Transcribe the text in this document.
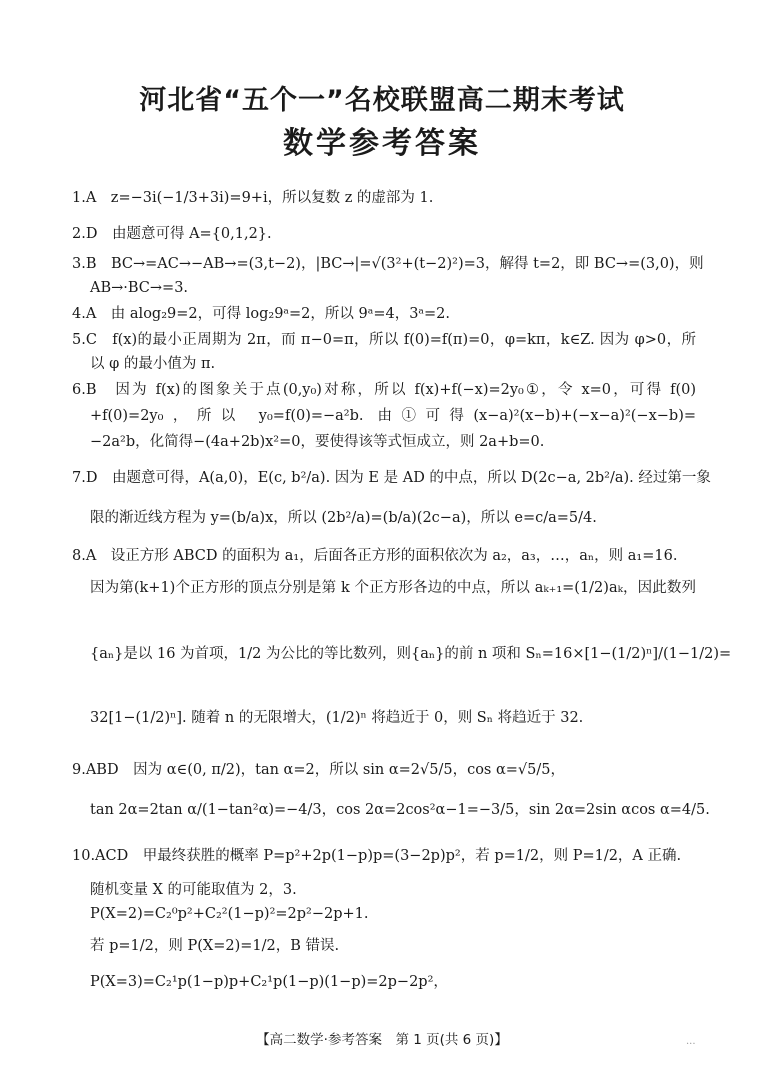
河北省“五个一”名校联盟高二期末考试
数学参考答案
1.A　z=−3i(−1/3+3i)=9+i，所以复数 z 的虚部为 1.
2.D　由题意可得 A={0,1,2}.
3.B　BC→=AC→−AB→=(3,t−2)，|BC→|=√(3²+(t−2)²)=3，解得 t=2，即 BC→=(3,0)，则
AB→·BC→=3.
4.A　由 alog₂9=2，可得 log₂9ᵃ=2，所以 9ᵃ=4，3ᵃ=2.
5.C　f(x)的最小正周期为 2π，而 π−0=π，所以 f(0)=f(π)=0，φ=kπ，k∈Z. 因为 φ>0，所
以 φ 的最小值为 π.
6.B　因为 f(x)的图象关于点(0,y₀)对称，所以 f(x)+f(−x)=2y₀①，令 x=0，可得 f(0)
+f(0)=2y₀，所以 y₀=f(0)=−a²b. 由①可得(x−a)²(x−b)+(−x−a)²(−x−b)=
−2a²b，化简得−(4a+2b)x²=0，要使得该等式恒成立，则 2a+b=0.
7.D　由题意可得，A(a,0)，E(c, b²/a). 因为 E 是 AD 的中点，所以 D(2c−a, 2b²/a). 经过第一象
限的渐近线方程为 y=(b/a)x，所以 (2b²/a)=(b/a)(2c−a)，所以 e=c/a=5/4.
8.A　设正方形 ABCD 的面积为 a₁，后面各正方形的面积依次为 a₂，a₃，…，aₙ，则 a₁=16.
因为第(k+1)个正方形的顶点分别是第 k 个正方形各边的中点，所以 aₖ₊₁=(1/2)aₖ，因此数列
{aₙ}是以 16 为首项，1/2 为公比的等比数列，则{aₙ}的前 n 项和 Sₙ=16×[1−(1/2)ⁿ]/(1−1/2)=
32[1−(1/2)ⁿ]. 随着 n 的无限增大，(1/2)ⁿ 将趋近于 0，则 Sₙ 将趋近于 32.
9.ABD　因为 α∈(0, π/2)，tan α=2，所以 sin α=2√5/5，cos α=√5/5，
tan 2α=2tan α/(1−tan²α)=−4/3，cos 2α=2cos²α−1=−3/5，sin 2α=2sin αcos α=4/5.
10.ACD　甲最终获胜的概率 P=p²+2p(1−p)p=(3−2p)p²，若 p=1/2，则 P=1/2，A 正确.
随机变量 X 的可能取值为 2，3.
P(X=2)=C₂⁰p²+C₂²(1−p)²=2p²−2p+1.
若 p=1/2，则 P(X=2)=1/2，B 错误.
P(X=3)=C₂¹p(1−p)p+C₂¹p(1−p)(1−p)=2p−2p²，
【高二数学·参考答案　第 1 页(共 6 页)】	...
